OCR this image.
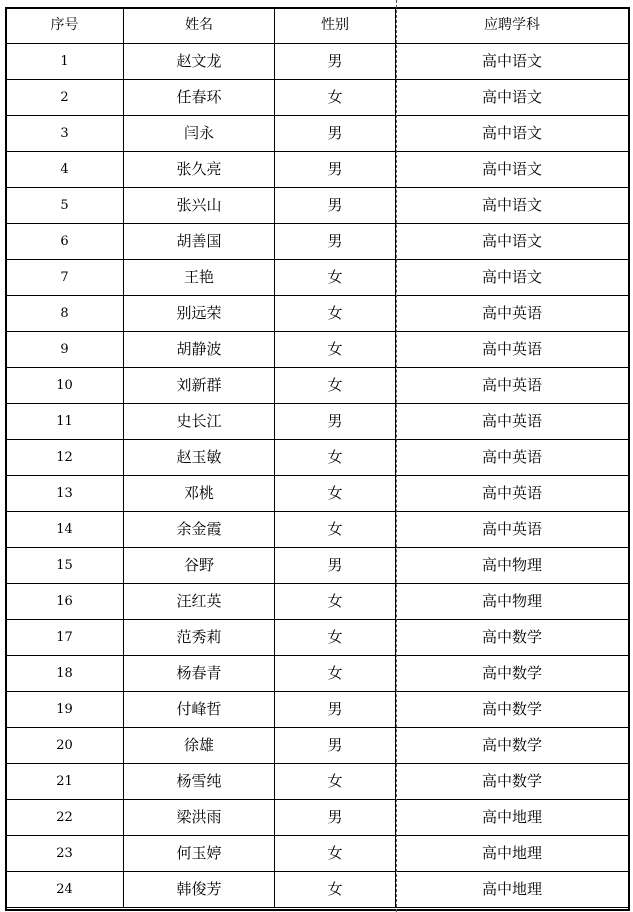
序号	姓名	性别	应聘学科
1	赵文龙	男	高中语文
2	任春环	女	高中语文
3	闫永	男	高中语文
4	张久亮	男	高中语文
5	张兴山	男	高中语文
6	胡善国	男	高中语文
7	王艳	女	高中语文
8	别远荣	女	高中英语
9	胡静波	女	高中英语
10	刘新群	女	高中英语
11	史长江	男	高中英语
12	赵玉敏	女	高中英语
13	邓桃	女	高中英语
14	余金霞	女	高中英语
15	谷野	男	高中物理
16	汪红英	女	高中物理
17	范秀莉	女	高中数学
18	杨春青	女	高中数学
19	付峰哲	男	高中数学
20	徐雄	男	高中数学
21	杨雪纯	女	高中数学
22	梁洪雨	男	高中地理
23	何玉婷	女	高中地理
24	韩俊芳	女	高中地理
